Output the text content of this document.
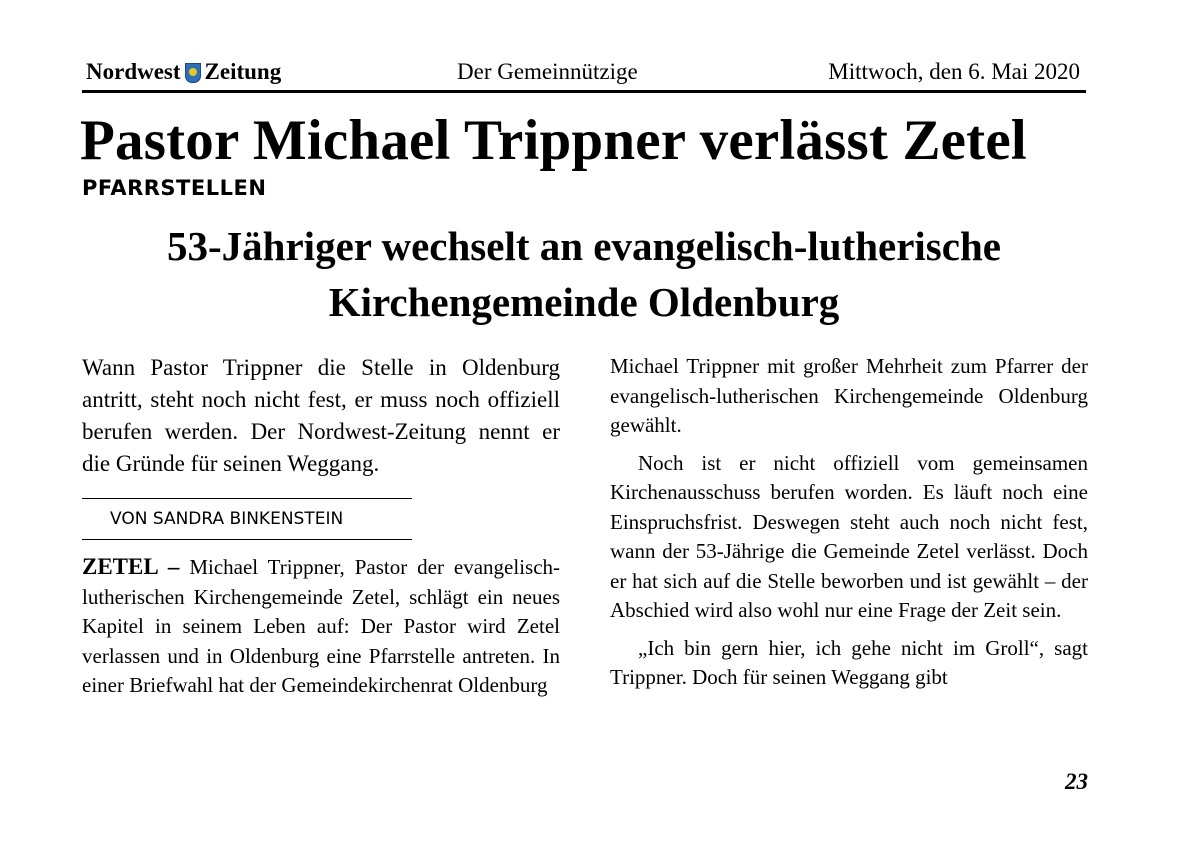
Nordwest Zeitung	Der Gemeinnützige	Mittwoch, den 6. Mai 2020
Pastor Michael Trippner verlässt Zetel
PFARRSTELLEN
53-Jähriger wechselt an evangelisch-lutherische Kirchengemeinde Oldenburg

Wann Pastor Trippner die Stelle in Oldenburg antritt, steht noch nicht fest, er muss noch offiziell berufen werden. Der Nordwest-Zeitung nennt er die Gründe für seinen Weggang.

VON SANDRA BINKENSTEIN

ZETEL – Michael Trippner, Pastor der evangelisch-lutherischen Kirchengemeinde Zetel, schlägt ein neues Kapitel in seinem Leben auf: Der Pastor wird Zetel verlassen und in Oldenburg eine Pfarrstelle antreten. In einer Briefwahl hat der Gemeindekirchenrat Oldenburg

Michael Trippner mit großer Mehrheit zum Pfarrer der evangelisch-lutherischen Kirchengemeinde Oldenburg gewählt.

Noch ist er nicht offiziell vom gemeinsamen Kirchenausschuss berufen worden. Es läuft noch eine Einspruchsfrist. Deswegen steht auch noch nicht fest, wann der 53-Jährige die Gemeinde Zetel verlässt. Doch er hat sich auf die Stelle beworben und ist gewählt – der Abschied wird also wohl nur eine Frage der Zeit sein.

„Ich bin gern hier, ich gehe nicht im Groll“, sagt Trippner. Doch für seinen Weggang gibt

23
